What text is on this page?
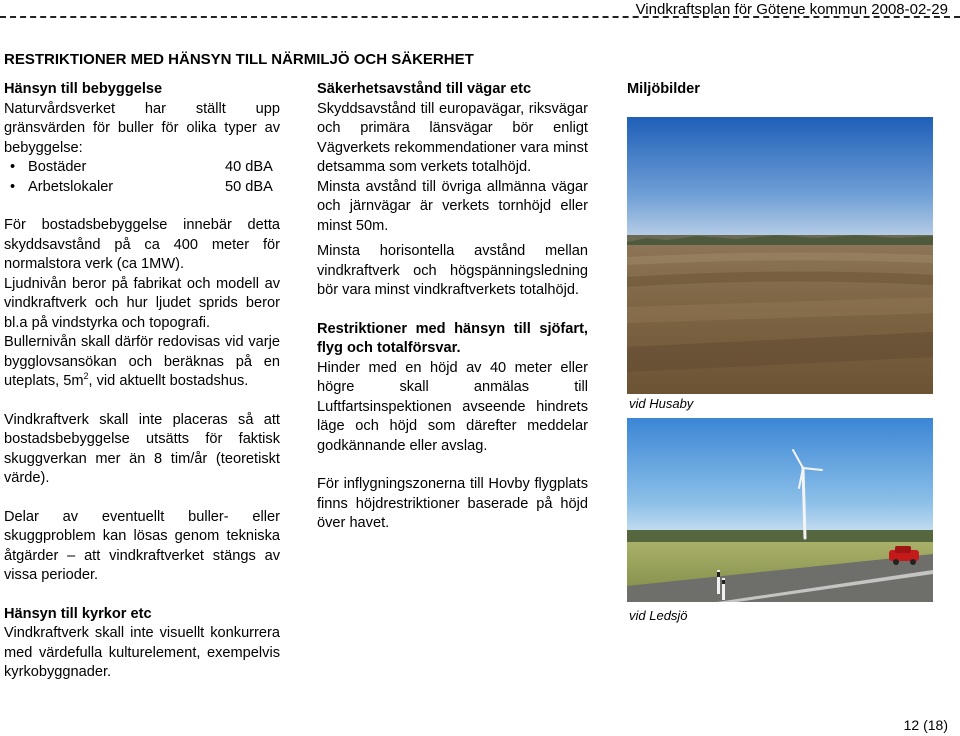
Vindkraftsplan för Götene kommun 2008-02-29
RESTRIKTIONER MED HÄNSYN TILL NÄRMILJÖ OCH SÄKERHET

Hänsyn till bebyggelse

Naturvårdsverket har ställt upp gränsvärden för buller för olika typer av bebyggelse:

• Bostäder	40 dBA
• Arbetslokaler	50 dBA

För bostadsbebyggelse innebär detta skyddsavstånd på ca 400 meter för normalstora verk (ca 1MW).

Ljudnivån beror på fabrikat och modell av vindkraftverk och hur ljudet sprids beror bl.a på vindstyrka och topografi.

Bullernivån skall därför redovisas vid varje bygglovsansökan och beräknas på en uteplats, $5m^2$, vid aktuellt bostadshus.

Vindkraftverk skall inte placeras så att bostadsbebyggelse utsätts för faktisk skuggverkan mer än 8 tim/år (teoretiskt värde).

Delar av eventuellt buller- eller skuggproblem kan lösas genom tekniska åtgärder – att vindkraftverket stängs av vissa perioder.

Hänsyn till kyrkor etc

Vindkraftverk skall inte visuellt konkurrera med värdefulla kulturelement, exempelvis kyrkobyggnader.

Säkerhetsavstånd till vägar etc

Skyddsavstånd till europavägar, riksvägar och primära länsvägar bör enligt Vägverkets rekommendationer vara minst detsamma som verkets totalhöjd.

Minsta avstånd till övriga allmänna vägar och järnvägar är verkets tornhöjd eller minst 50m.

Minsta horisontella avstånd mellan vindkraftverk och högspänningsledning bör vara minst vindkraftverkets totalhöjd.

Restriktioner med hänsyn till sjöfart, flyg och totalförsvar.

Hinder med en höjd av 40 meter eller högre skall anmälas till Luftfartsinspektionen avseende hindrets läge och höjd som därefter meddelar godkännande eller avslag.

För inflygningszonerna till Hovby flygplats finns höjdrestriktioner baserade på höjd över havet.

Miljöbilder

vid Husaby
vid Ledsjö
12 (18)
